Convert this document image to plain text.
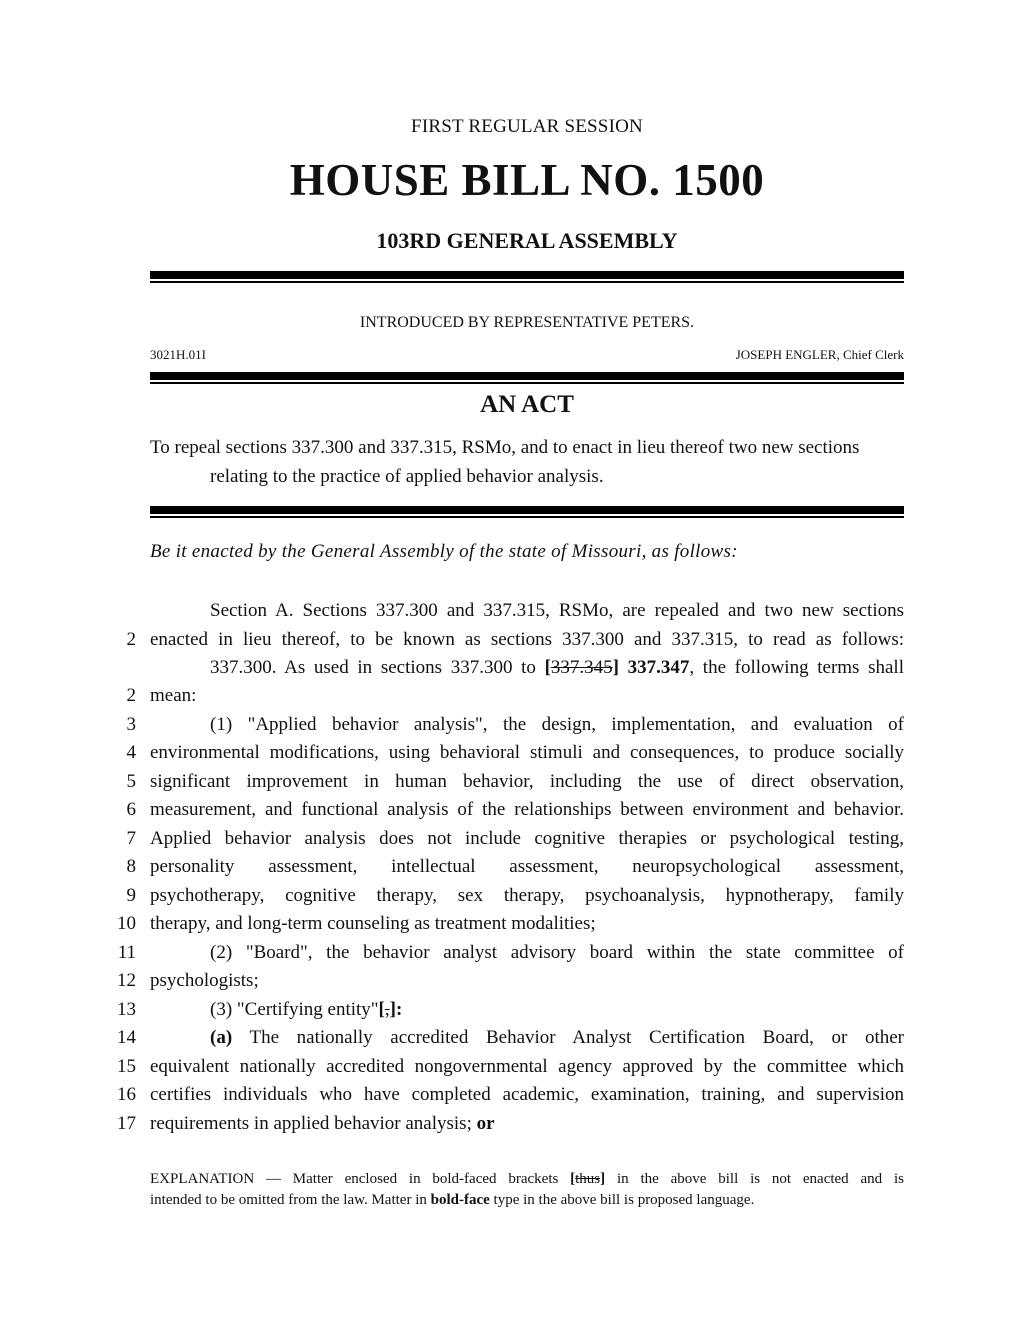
FIRST REGULAR SESSION
HOUSE BILL NO. 1500
103RD GENERAL ASSEMBLY
INTRODUCED BY REPRESENTATIVE PETERS.
3021H.01I	JOSEPH ENGLER, Chief Clerk
AN ACT
To repeal sections 337.300 and 337.315, RSMo, and to enact in lieu thereof two new sections
relating to the practice of applied behavior analysis.
Be it enacted by the General Assembly of the state of Missouri, as follows:
Section A. Sections 337.300 and 337.315, RSMo, are repealed and two new sections
2 enacted in lieu thereof, to be known as sections 337.300 and 337.315, to read as follows:
337.300. As used in sections 337.300 to [337.345] 337.347, the following terms shall
2 mean:
3	(1) "Applied behavior analysis", the design, implementation, and evaluation of
4 environmental modifications, using behavioral stimuli and consequences, to produce socially
5 significant improvement in human behavior, including the use of direct observation,
6 measurement, and functional analysis of the relationships between environment and behavior.
7 Applied behavior analysis does not include cognitive therapies or psychological testing,
8 personality assessment, intellectual assessment, neuropsychological assessment,
9 psychotherapy, cognitive therapy, sex therapy, psychoanalysis, hypnotherapy, family
10 therapy, and long-term counseling as treatment modalities;
11	(2) "Board", the behavior analyst advisory board within the state committee of
12 psychologists;
13	(3) "Certifying entity"[,]:
14	(a) The nationally accredited Behavior Analyst Certification Board, or other
15 equivalent nationally accredited nongovernmental agency approved by the committee which
16 certifies individuals who have completed academic, examination, training, and supervision
17 requirements in applied behavior analysis; or
EXPLANATION — Matter enclosed in bold-faced brackets [thus] in the above bill is not enacted and is
intended to be omitted from the law. Matter in bold-face type in the above bill is proposed language.
